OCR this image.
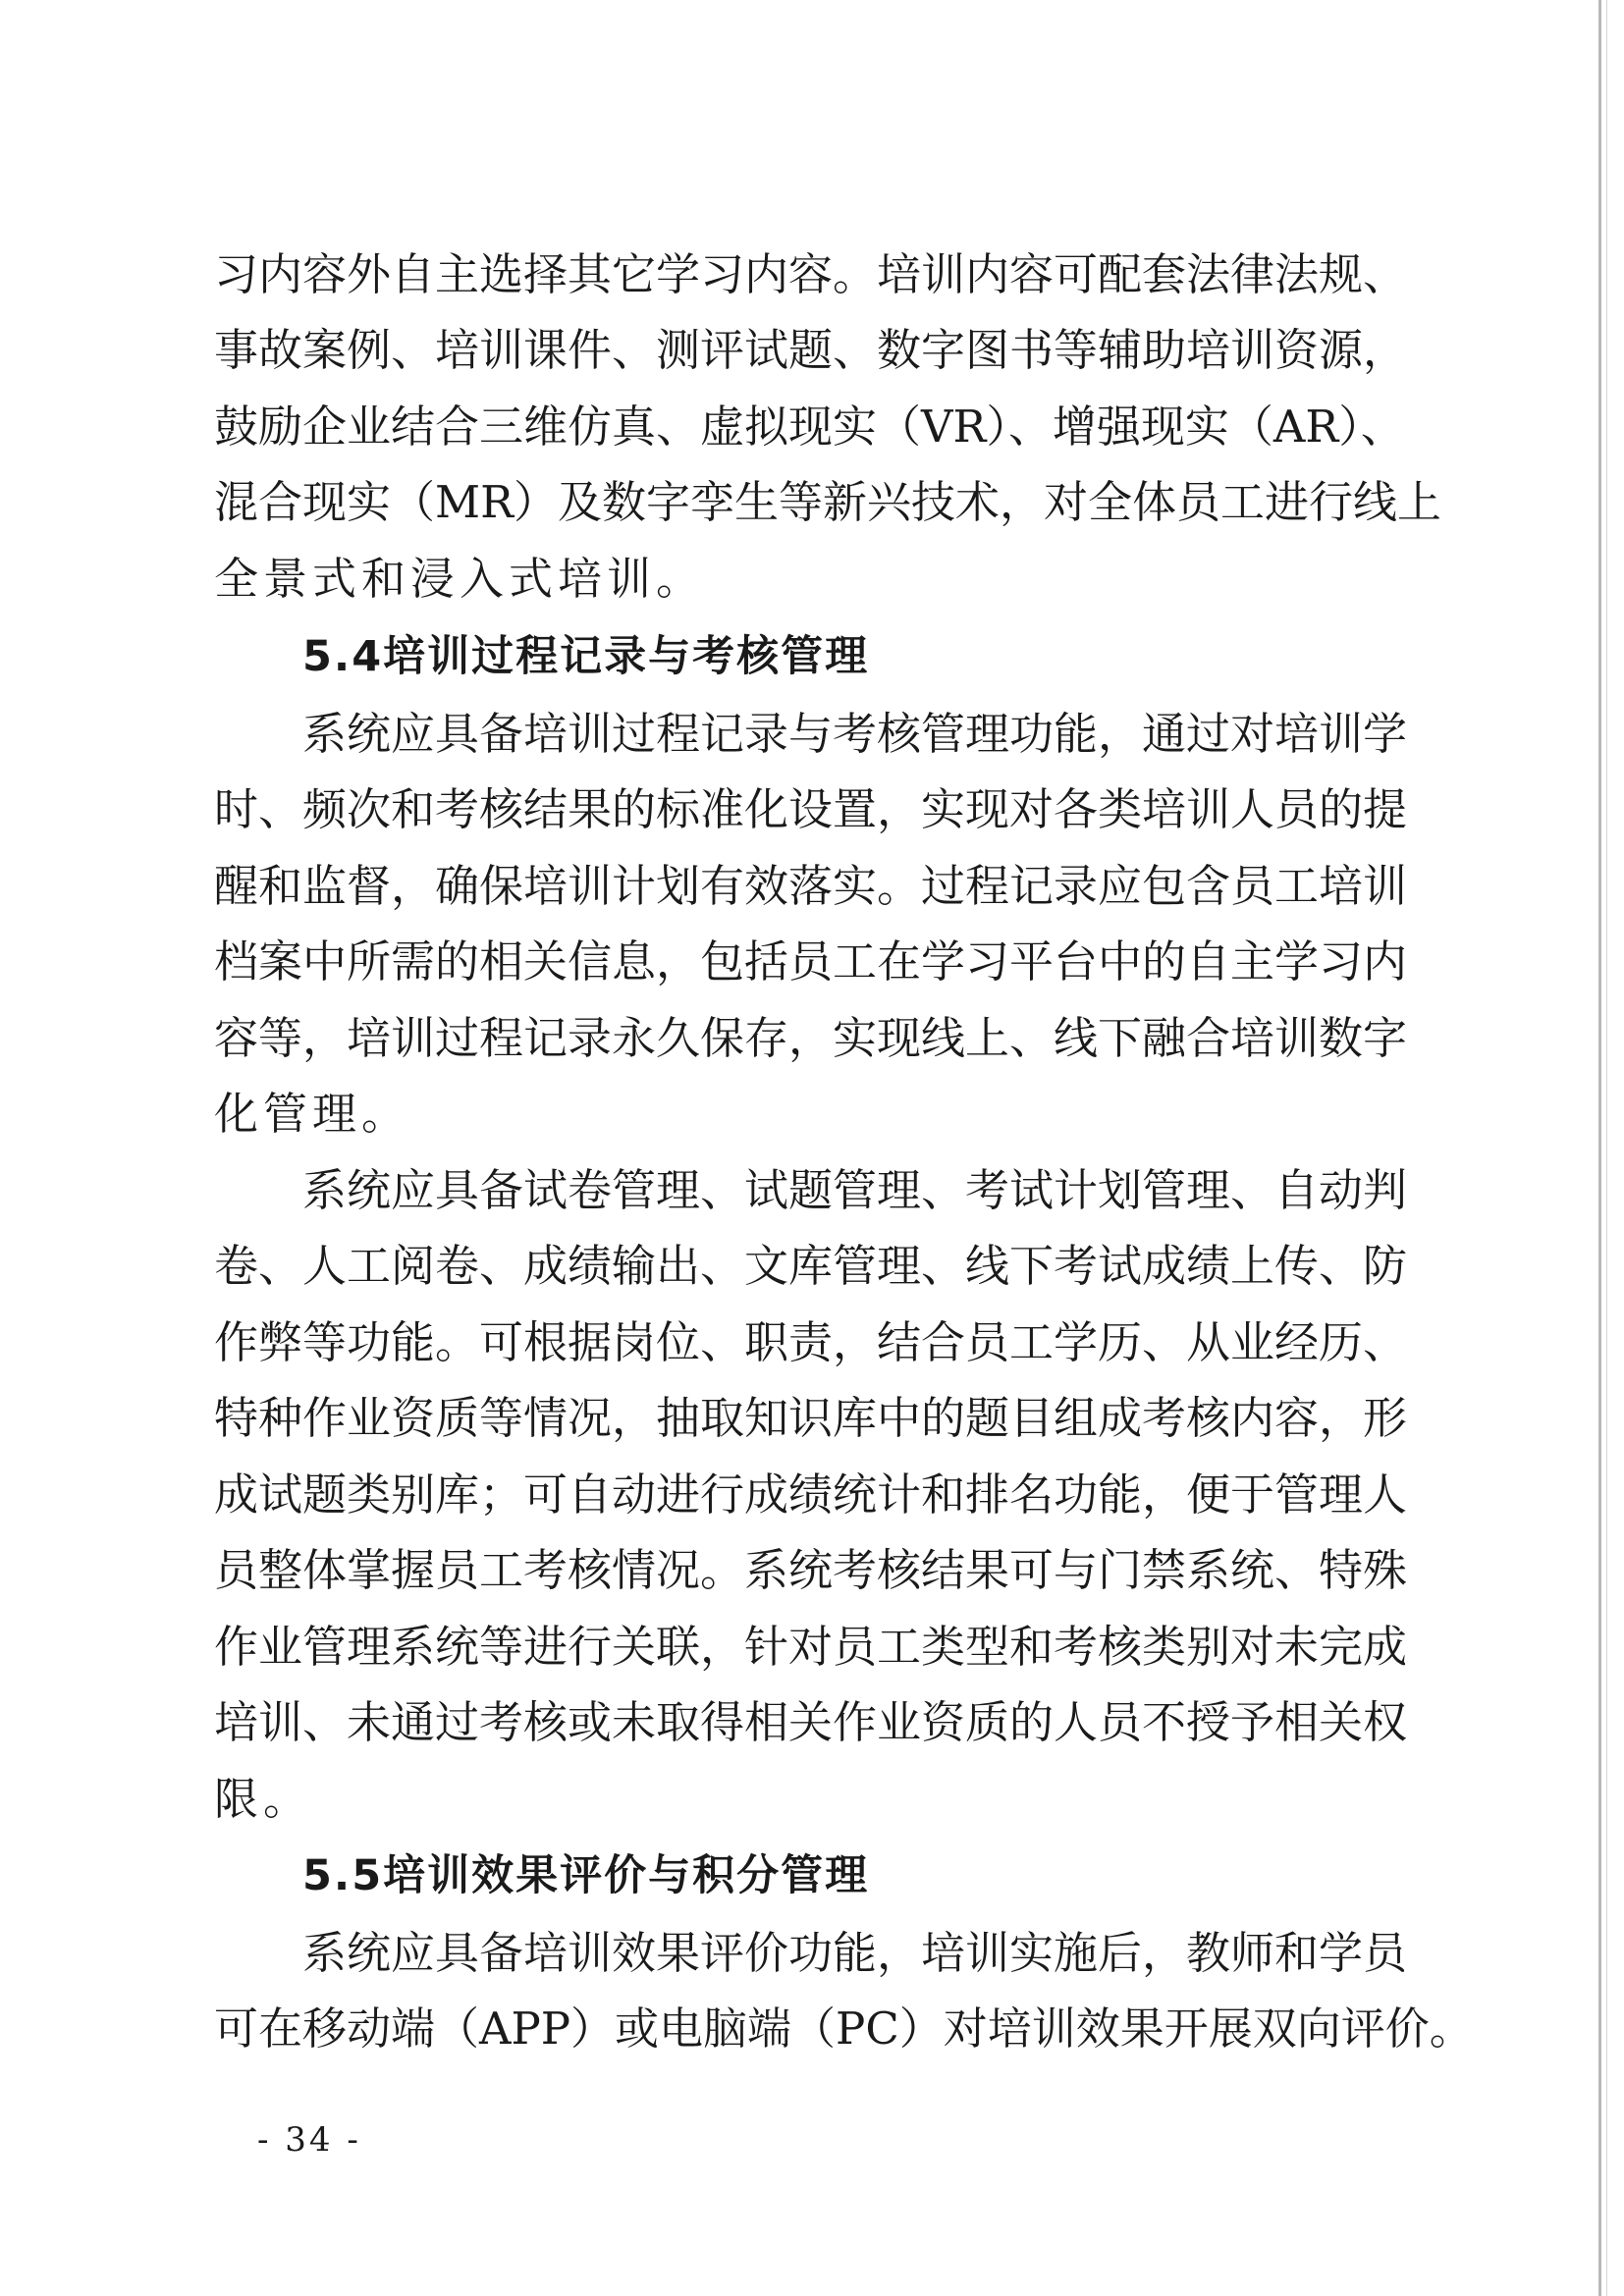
习内容外自主选择其它学习内容。培训内容可配套法律法规、
事故案例、培训课件、测评试题、数字图书等辅助培训资源，
鼓励企业结合三维仿真、虚拟现实（VR）、增强现实（AR）、
混合现实（MR）及数字孪生等新兴技术，对全体员工进行线上
全景式和浸入式培训。
5.4培训过程记录与考核管理
系统应具备培训过程记录与考核管理功能，通过对培训学
时、频次和考核结果的标准化设置，实现对各类培训人员的提
醒和监督，确保培训计划有效落实。过程记录应包含员工培训
档案中所需的相关信息，包括员工在学习平台中的自主学习内
容等，培训过程记录永久保存，实现线上、线下融合培训数字
化管理。
系统应具备试卷管理、试题管理、考试计划管理、自动判
卷、人工阅卷、成绩输出、文库管理、线下考试成绩上传、防
作弊等功能。可根据岗位、职责，结合员工学历、从业经历、
特种作业资质等情况，抽取知识库中的题目组成考核内容，形
成试题类别库；可自动进行成绩统计和排名功能，便于管理人
员整体掌握员工考核情况。系统考核结果可与门禁系统、特殊
作业管理系统等进行关联，针对员工类型和考核类别对未完成
培训、未通过考核或未取得相关作业资质的人员不授予相关权
限。
5.5培训效果评价与积分管理
系统应具备培训效果评价功能，培训实施后，教师和学员
可在移动端（APP）或电脑端（PC）对培训效果开展双向评价。
- 34 -
